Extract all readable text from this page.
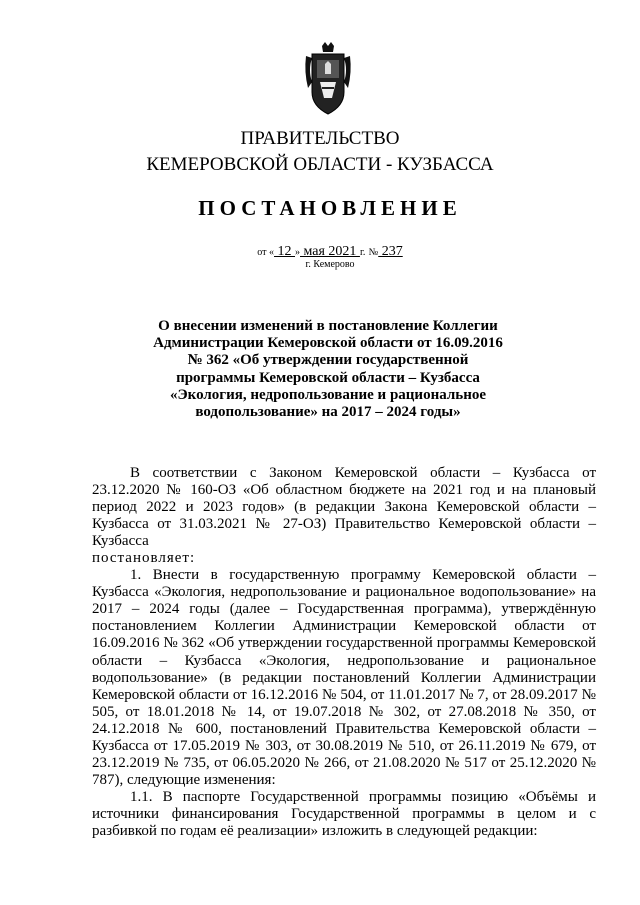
ПРАВИТЕЛЬСТВО
КЕМЕРОВСКОЙ ОБЛАСТИ - КУЗБАССА
ПОСТАНОВЛЕНИЕ
от « 12 » мая 2021 г. № 237
г. Кемерово
О внесении изменений в постановление Коллегии
Администрации Кемеровской области от 16.09.2016
№ 362 «Об утверждении государственной
программы Кемеровской области – Кузбасса
«Экология, недропользование и рациональное
водопользование» на 2017 – 2024 годы»

В соответствии с Законом Кемеровской области – Кузбасса от 23.12.2020 № 160-ОЗ «Об областном бюджете на 2021 год и на плановый период 2022 и 2023 годов» (в редакции Закона Кемеровской области – Кузбасса от 31.03.2021 № 27-ОЗ) Правительство Кемеровской области – Кузбасса

постановляет:

1. Внести в государственную программу Кемеровской области – Кузбасса «Экология, недропользование и рациональное водопользование» на 2017 – 2024 годы (далее – Государственная программа), утверждённую постановлением Коллегии Администрации Кемеровской области от 16.09.2016 № 362 «Об утверждении государственной программы Кемеровской области – Кузбасса «Экология, недропользование и рациональное водопользование» (в редакции постановлений Коллегии Администрации Кемеровской области от 16.12.2016 № 504, от 11.01.2017 № 7, от 28.09.2017 № 505, от 18.01.2018 № 14, от 19.07.2018 № 302, от 27.08.2018 № 350, от 24.12.2018 № 600, постановлений Правительства Кемеровской области – Кузбасса от 17.05.2019 № 303, от 30.08.2019 № 510, от 26.11.2019 № 679, от 23.12.2019 № 735, от 06.05.2020 № 266, от 21.08.2020 № 517 от 25.12.2020 № 787), следующие изменения:

1.1. В паспорте Государственной программы позицию «Объёмы и источники финансирования Государственной программы в целом и с разбивкой по годам её реализации» изложить в следующей редакции:
